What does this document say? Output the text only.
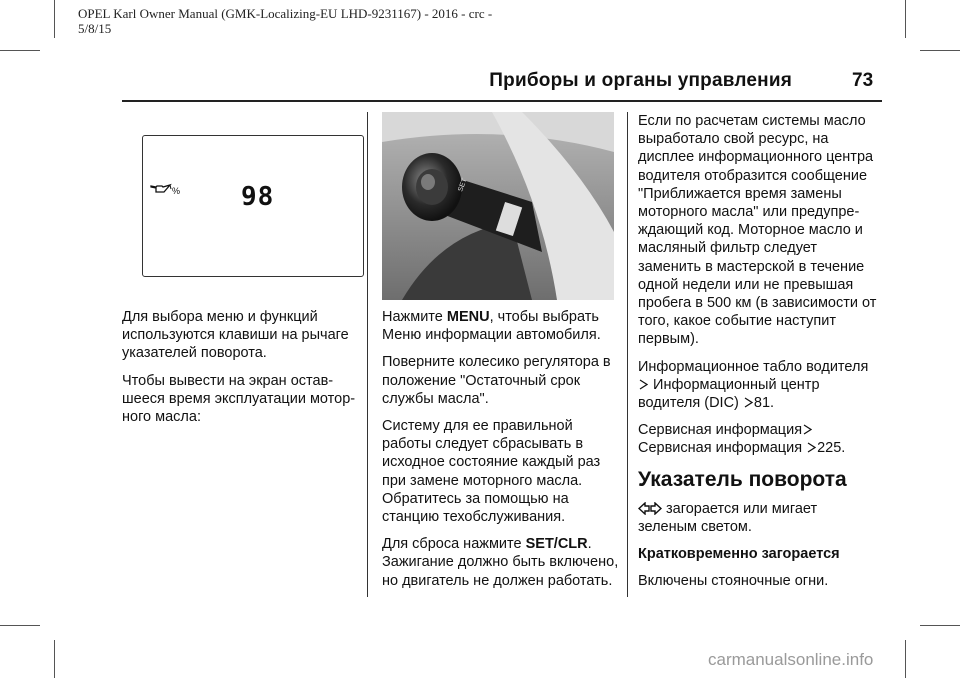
OPEL Karl Owner Manual (GMK-Localizing-EU LHD-9231167) - 2016 - crc -
5/8/15
Приборы и органы управления	73
% 98	SET

Для выбора меню и функций используются клавиши на рычаге указателей поворота.

Чтобы вывести на экран остав-шееся время эксплуатации мотор-ного масла:

Нажмите MENU, чтобы выбрать Меню информации автомобиля.

Поверните колесико регулятора в положение "Остаточный срок службы масла".

Систему для ее правильной работы следует сбрасывать в исходное состояние каждый раз при замене моторного масла. Обратитесь за помощью на станцию техобслуживания.

Для сброса нажмите SET/CLR. Зажигание должно быть включено, но двигатель не должен работать.

Если по расчетам системы масло выработало свой ресурс, на дисплее информационного центра водителя отобразится сообщение "Приближается время замены моторного масла" или предупре-ждающий код. Моторное масло и масляный фильтр следует заменить в мастерской в течение одной недели или не превышая пробега в 500 км (в зависимости от того, какое событие наступит первым).

Информационное табло водителя
Информационный центр водителя (DIC) 81.

Сервисная информация
Сервисная информация 225.

Указатель поворота

загорается или мигает зеленым светом.

Кратковременно загорается

Включены стояночные огни.

carmanualsonline.info
